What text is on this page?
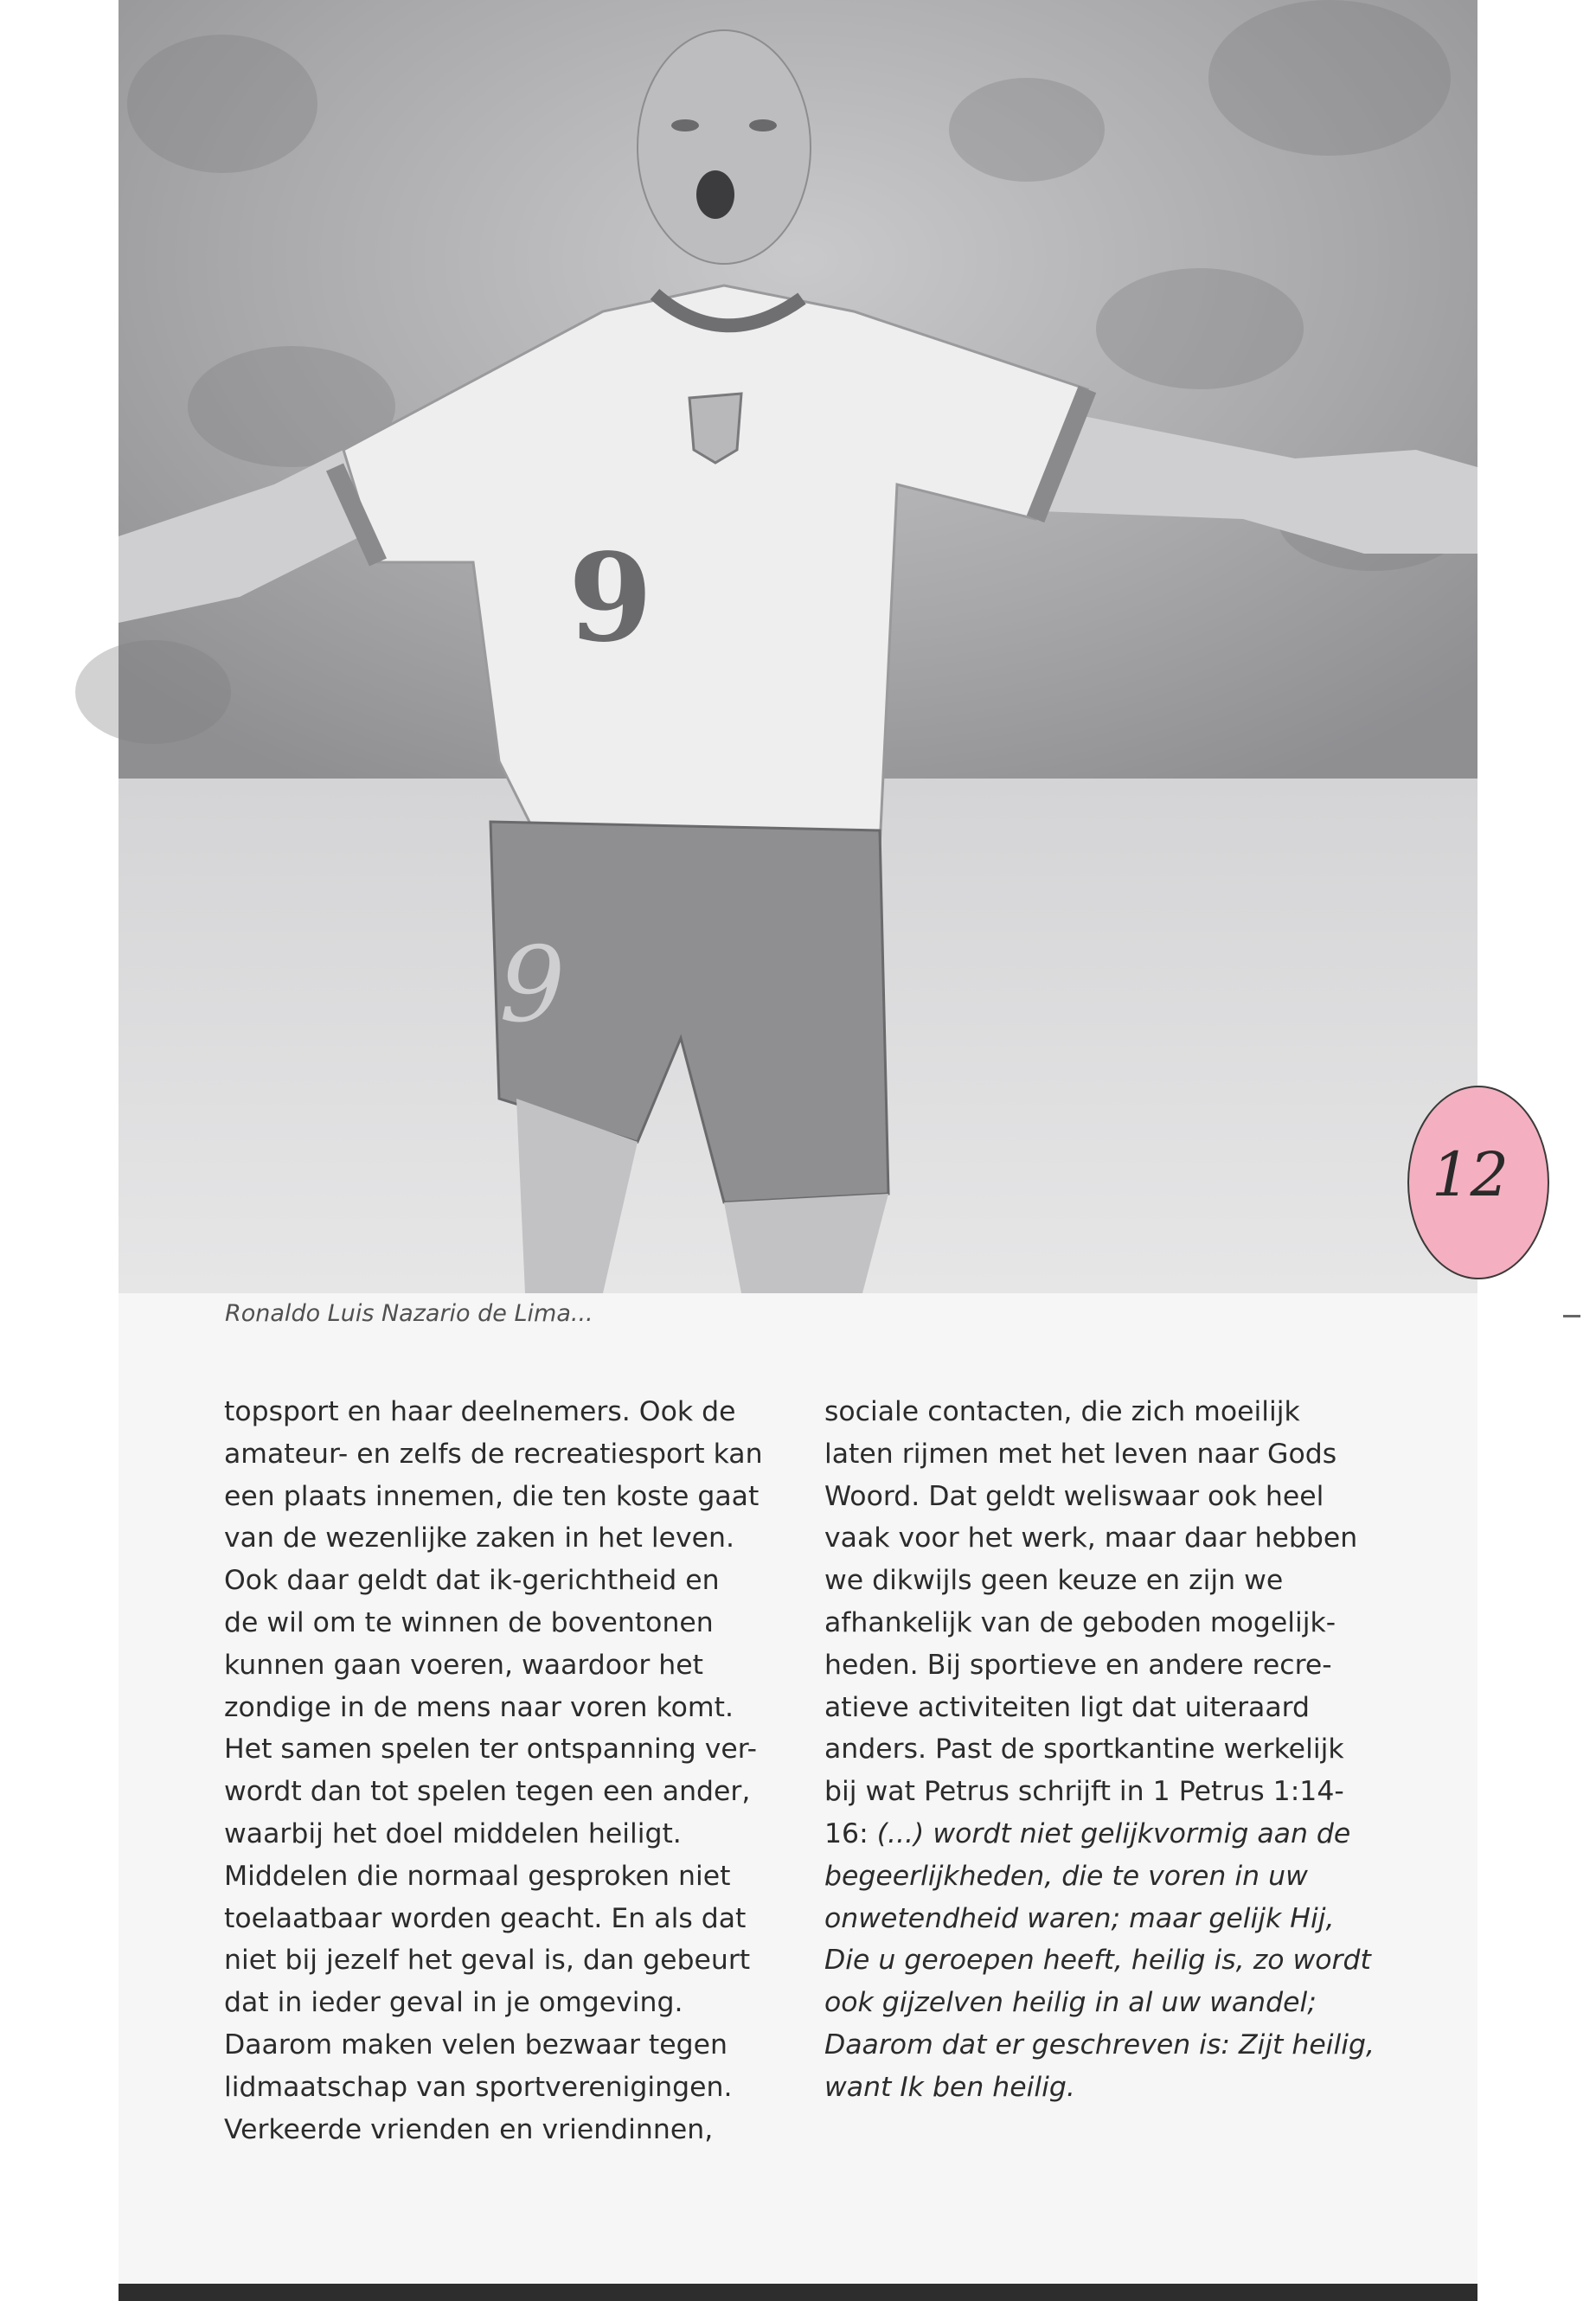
9
9
12
Ronaldo Luis Nazario de Lima...
topsport en haar deelnemers. Ook de
amateur- en zelfs de recreatiesport kan
een plaats innemen, die ten koste gaat
van de wezenlijke zaken in het leven.
Ook daar geldt dat ik-gerichtheid en
de wil om te winnen de boventonen
kunnen gaan voeren, waardoor het
zondige in de mens naar voren komt.
Het samen spelen ter ontspanning ver-
wordt dan tot spelen tegen een ander,
waarbij het doel middelen heiligt.
Middelen die normaal gesproken niet
toelaatbaar worden geacht. En als dat
niet bij jezelf het geval is, dan gebeurt
dat in ieder geval in je omgeving.
Daarom maken velen bezwaar tegen
lidmaatschap van sportverenigingen.
Verkeerde vrienden en vriendinnen,
sociale contacten, die zich moeilijk
laten rijmen met het leven naar Gods
Woord. Dat geldt weliswaar ook heel
vaak voor het werk, maar daar hebben
we dikwijls geen keuze en zijn we
afhankelijk van de geboden mogelijk-
heden. Bij sportieve en andere recre-
atieve activiteiten ligt dat uiteraard
anders. Past de sportkantine werkelijk
bij wat Petrus schrijft in 1 Petrus 1:14-
16: (...) wordt niet gelijkvormig aan de
begeerlijkheden, die te voren in uw
onwetendheid waren; maar gelijk Hij,
Die u geroepen heeft, heilig is, zo wordt
ook gijzelven heilig in al uw wandel;
Daarom dat er geschreven is: Zijt heilig,
want Ik ben heilig.
